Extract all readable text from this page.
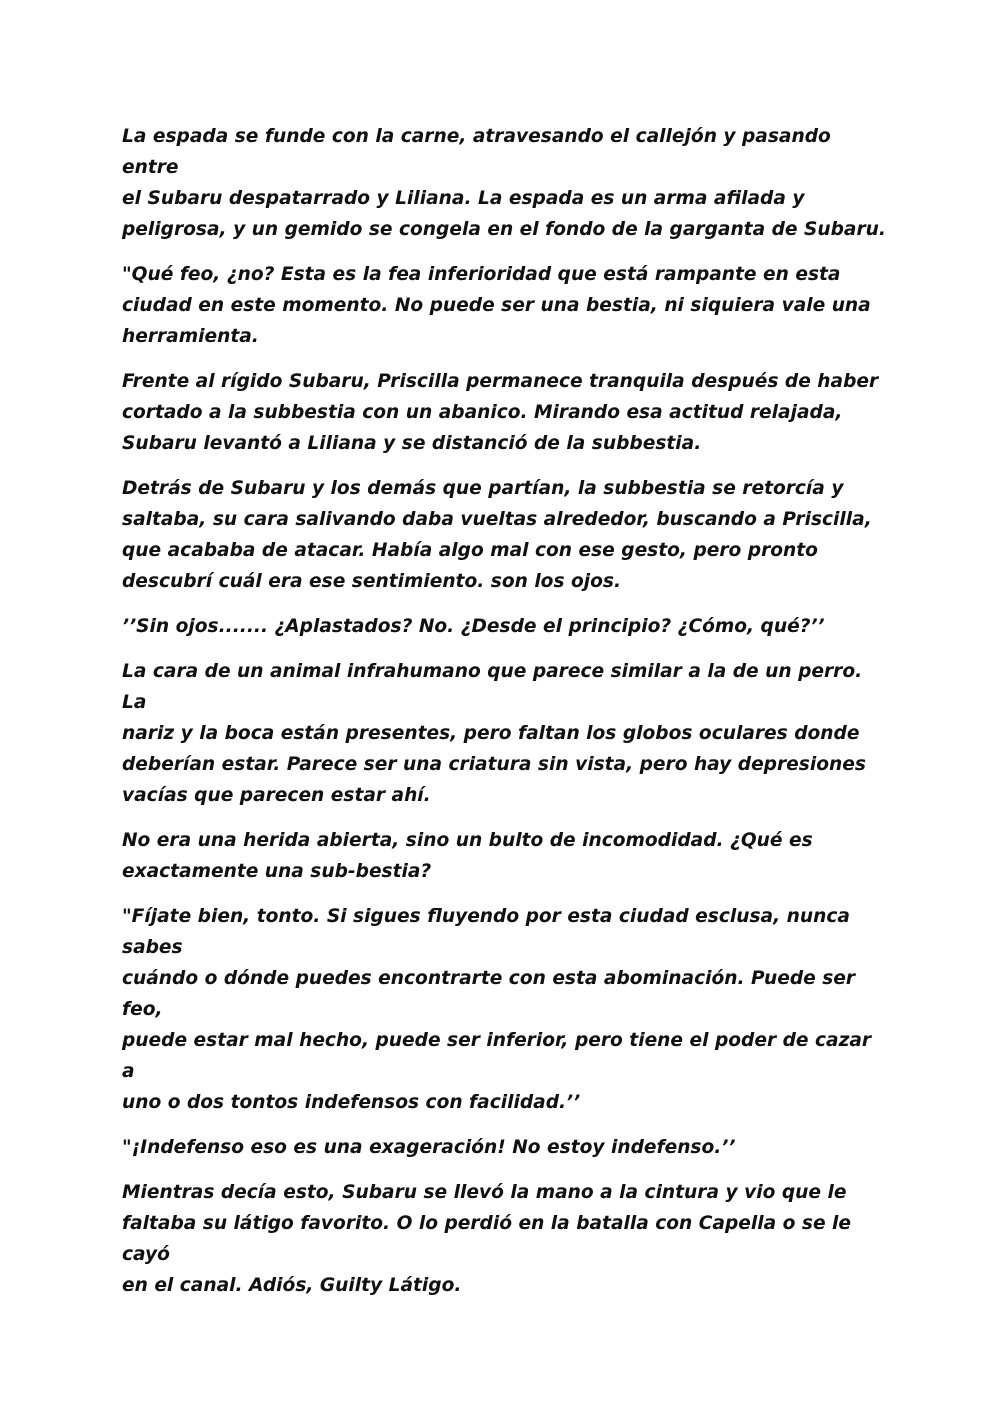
La espada se funde con la carne, atravesando el callejón y pasando entre
el Subaru despatarrado y Liliana. La espada es un arma afilada y
peligrosa, y un gemido se congela en el fondo de la garganta de Subaru.

"Qué feo, ¿no? Esta es la fea inferioridad que está rampante en esta
ciudad en este momento. No puede ser una bestia, ni siquiera vale una
herramienta.

Frente al rígido Subaru, Priscilla permanece tranquila después de haber
cortado a la subbestia con un abanico. Mirando esa actitud relajada,
Subaru levantó a Liliana y se distanció de la subbestia.

Detrás de Subaru y los demás que partían, la subbestia se retorcía y
saltaba, su cara salivando daba vueltas alrededor, buscando a Priscilla,
que acababa de atacar. Había algo mal con ese gesto, pero pronto
descubrí cuál era ese sentimiento. son los ojos.

’’Sin ojos....... ¿Aplastados? No. ¿Desde el principio? ¿Cómo, qué?’’

La cara de un animal infrahumano que parece similar a la de un perro. La
nariz y la boca están presentes, pero faltan los globos oculares donde
deberían estar. Parece ser una criatura sin vista, pero hay depresiones
vacías que parecen estar ahí.

No era una herida abierta, sino un bulto de incomodidad. ¿Qué es
exactamente una sub-bestia?

"Fíjate bien, tonto. Si sigues fluyendo por esta ciudad esclusa, nunca sabes
cuándo o dónde puedes encontrarte con esta abominación. Puede ser feo,
puede estar mal hecho, puede ser inferior, pero tiene el poder de cazar a
uno o dos tontos indefensos con facilidad.’’

"¡Indefenso eso es una exageración! No estoy indefenso.’’

Mientras decía esto, Subaru se llevó la mano a la cintura y vio que le
faltaba su látigo favorito. O lo perdió en la batalla con Capella o se le cayó
en el canal. Adiós, Guilty Látigo.
